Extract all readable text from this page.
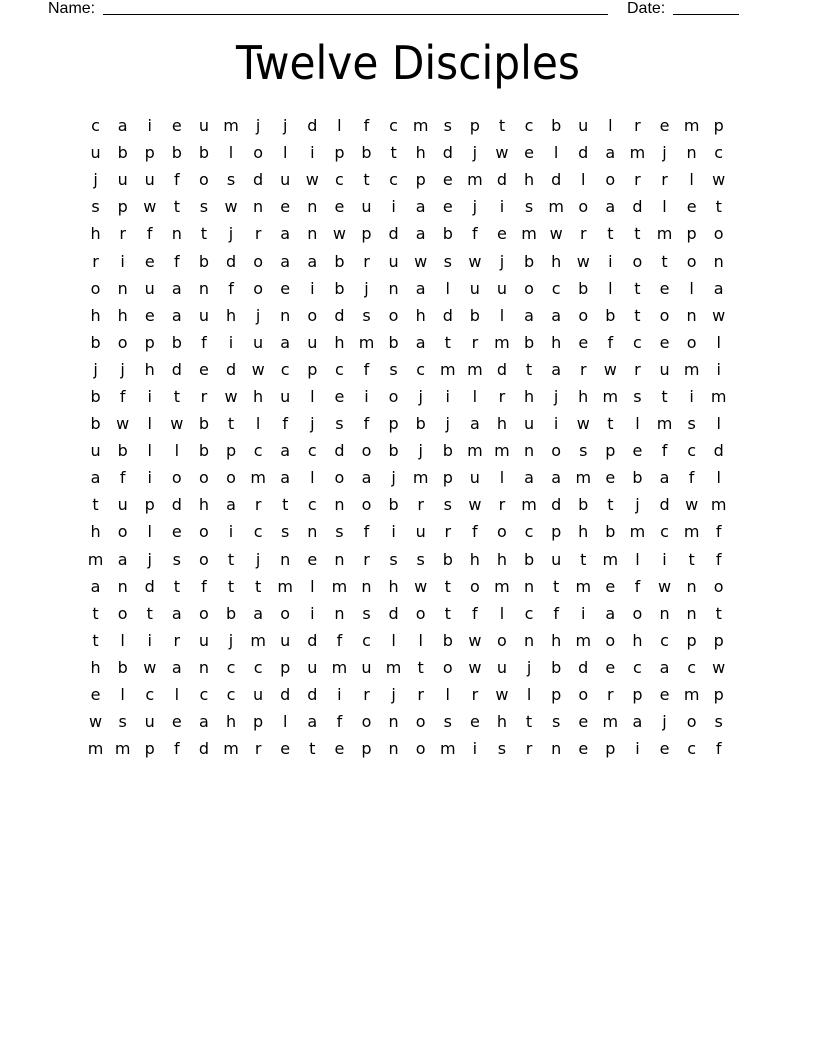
Name:	Date:
Twelve Disciples
c	a	i	e	u m	j	j	d	l	f	c m s	p	t	c	b	u	l	r	e m p
u	b	p	b	b	l	o	l	i	p	b	t	h	d	j	w e	l	d	a m	j	n	c
j	u	u	f	o	s	d	u w	c	t	c	p	e m d	h	d	l	o	r	r	l	w
s	p w	t	s	w n	e	n	e	u	i	a	e	j	i	s m o	a	d	l	e	t
h	r	f	n	t	j	r	a	n w p	d	a	b	f	e m w	r	t	t	m p	o
r	i	e	f	b	d	o	a	a	b	r	u w	s	w	j	b	h w	i	o	t	o	n
o	n	u	a	n	f	o	e	i	b	j	n	a	l	u	u	o	c	b	l	t	e	l	a
h	h	e	a	u	h	j	n	o	d	s	o	h	d	b	l	a	a	o	b	t	o	n w
b	o	p	b	f	i	u	a	u	h m b	a	t	r	m b	h	e	f	c	e	o	l
j	j	h	d	e	d w	c	p	c	f	s	c m m d	t	a	r	w	r	u m	i
b	f	i	t	r	w h	u	l	e	i	o	j	i	l	r	h	j	h m s	t	i	m
b w	l	w b	t	l	f	j	s	f	p	b	j	a	h	u	i	w	t	l	m s	l
u	b	l	l	b	p	c	a	c	d	o	b	j	b m m n	o	s	p	e	f	c	d
a	f	i	o	o	o m a	l	o	a	j	m p	u	l	a	a m e	b	a	f	l
t	u	p	d	h	a	r	t	c	n	o	b	r	s	w	r	m d	b	t	j	d w m
h	o	l	e	o	i	c	s	n	s	f	i	u	r	f	o	c	p	h	b m c m	f
m a	j	s	o	t	j	n	e	n	r	s	s	b	h	h	b	u	t	m	l	i	t	f
a	n	d	t	f	t	t	m	l	m n	h w	t	o m n	t	m e	f	w n	o
t	o	t	a	o	b	a	o	i	n	s	d	o	t	f	l	c	f	i	a	o	n	n	t
t	l	i	r	u	j	m u	d	f	c	l	l	b w o	n	h m o	h	c	p	p
h	b w a	n	c	c	p	u m u m	t	o w u	j	b	d	e	c	a	c	w
e	l	c	l	c	c	u	d	d	i	r	j	r	l	r	w	l	p	o	r	p	e m p
w	s	u	e	a	h	p	l	a	f	o	n	o	s	e	h	t	s	e m a	j	o	s
m m p	f	d m	r	e	t	e	p	n	o m	i	s	r	n	e	p	i	e	c	f
